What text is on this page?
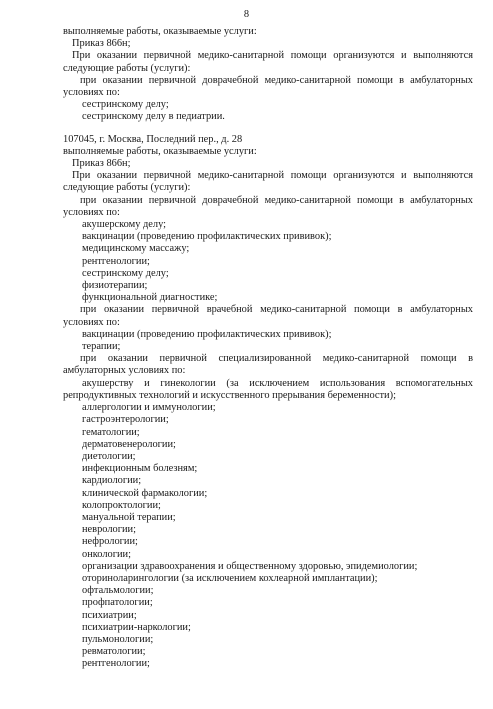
8

выполняемые работы, оказываемые услуги:

Приказ 866н;

При оказании первичной медико-санитарной помощи организуются и выполняются

следующие работы (услуги):

при оказании первичной доврачебной медико-санитарной помощи в амбулаторных

условиях по:

сестринскому делу;

сестринскому делу в педиатрии.

107045, г. Москва, Последний пер., д. 28

выполняемые работы, оказываемые услуги:

Приказ 866н;

При оказании первичной медико-санитарной помощи организуются и выполняются

следующие работы (услуги):

при оказании первичной доврачебной медико-санитарной помощи в амбулаторных

условиях по:

акушерскому делу;

вакцинации (проведению профилактических прививок);

медицинскому массажу;

рентгенологии;

сестринскому делу;

физиотерапии;

функциональной диагностике;

при оказании первичной врачебной медико-санитарной помощи в амбулаторных

условиях по:

вакцинации (проведению профилактических прививок);

терапии;

при оказании первичной специализированной медико-санитарной помощи в

амбулаторных условиях по:

акушерству и гинекологии (за исключением использования вспомогательных

репродуктивных технологий и искусственного прерывания беременности);

аллергологии и иммунологии;

гастроэнтерологии;

гематологии;

дерматовенерологии;

диетологии;

инфекционным болезням;

кардиологии;

клинической фармакологии;

колопроктологии;

мануальной терапии;

неврологии;

нефрологии;

онкологии;

организации здравоохранения и общественному здоровью, эпидемиологии;

оториноларингологии (за исключением кохлеарной имплантации);

офтальмологии;

профпатологии;

психиатрии;

психиатрии-наркологии;

пульмонологии;

ревматологии;

рентгенологии;
